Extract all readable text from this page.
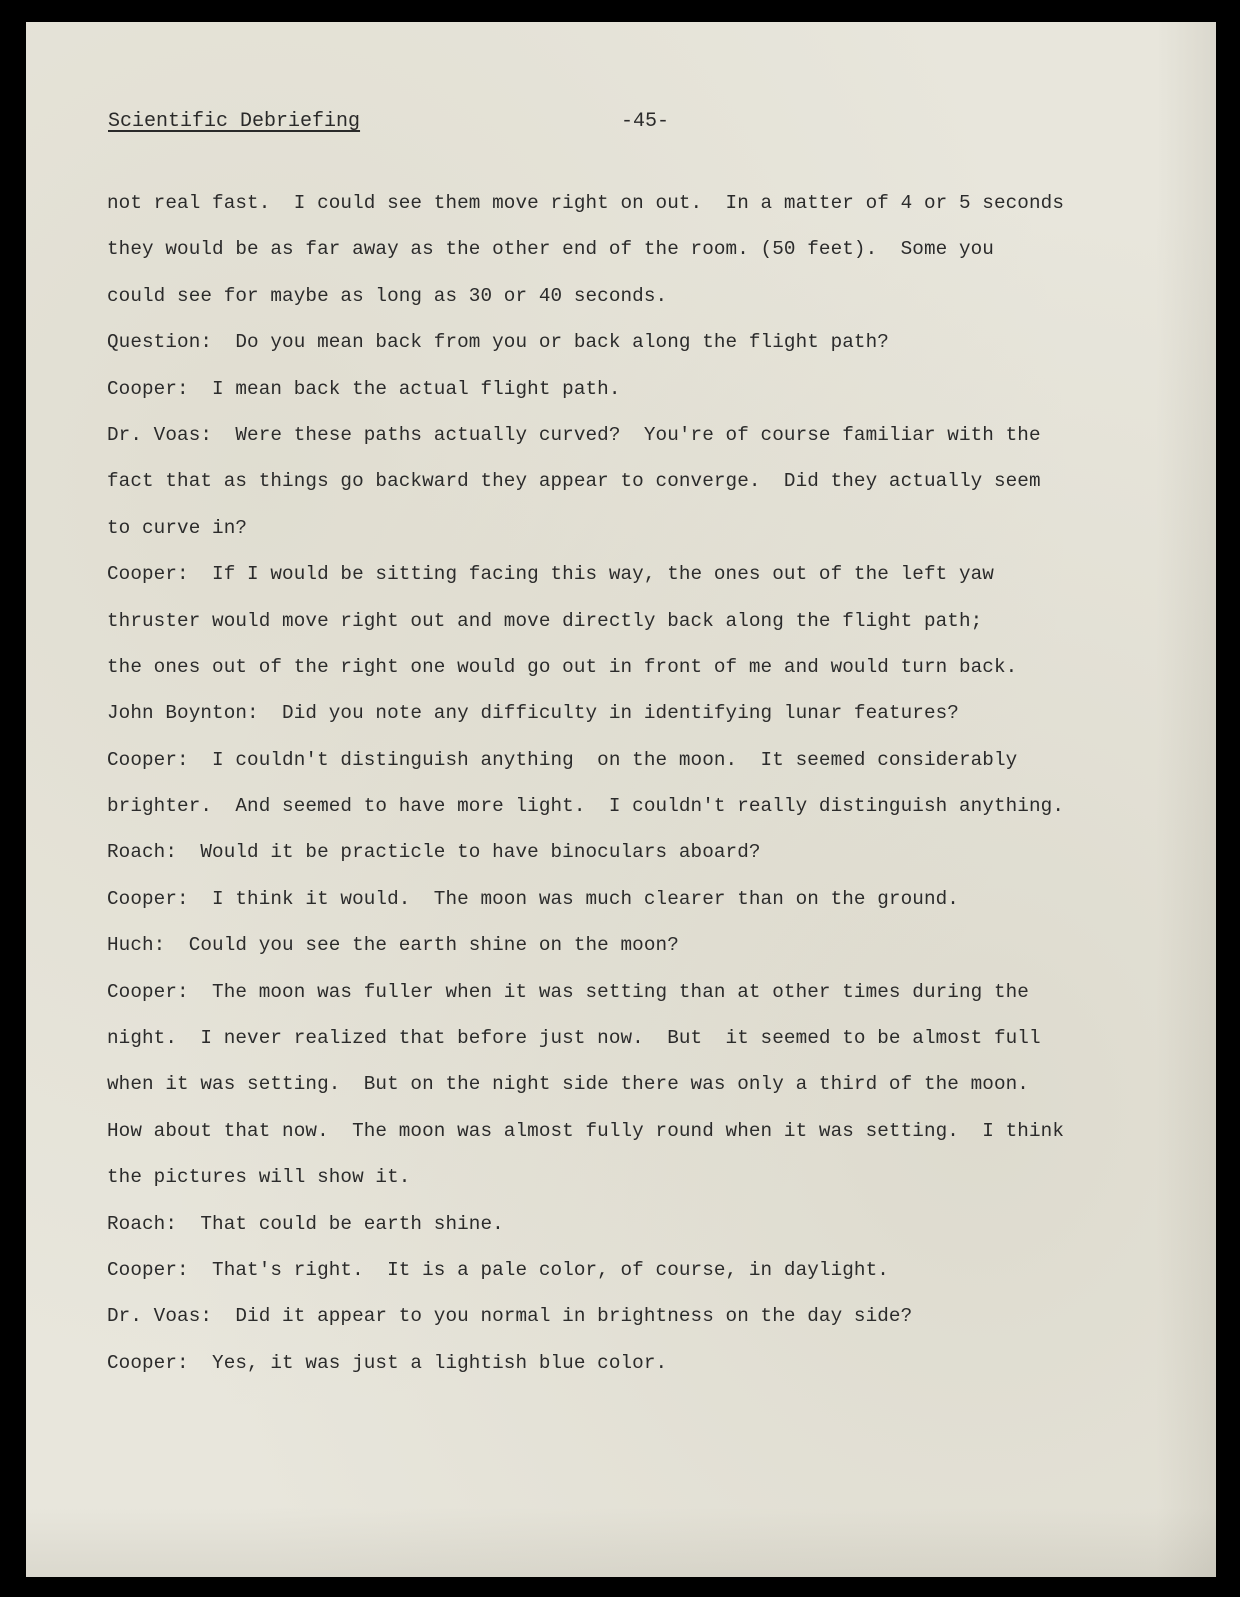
Scientific Debriefing	-45-
not real fast.  I could see them move right on out.  In a matter of 4 or 5 seconds
they would be as far away as the other end of the room. (50 feet).  Some you
could see for maybe as long as 30 or 40 seconds.
Question:  Do you mean back from you or back along the flight path?
Cooper:  I mean back the actual flight path.
Dr. Voas:  Were these paths actually curved?  You're of course familiar with the
fact that as things go backward they appear to converge.  Did they actually seem
to curve in?
Cooper:  If I would be sitting facing this way, the ones out of the left yaw
thruster would move right out and move directly back along the flight path;
the ones out of the right one would go out in front of me and would turn back.
John Boynton:  Did you note any difficulty in identifying lunar features?
Cooper:  I couldn't distinguish anything  on the moon.  It seemed considerably
brighter.  And seemed to have more light.  I couldn't really distinguish anything.
Roach:  Would it be practicle to have binoculars aboard?
Cooper:  I think it would.  The moon was much clearer than on the ground.
Huch:  Could you see the earth shine on the moon?
Cooper:  The moon was fuller when it was setting than at other times during the
night.  I never realized that before just now.  But  it seemed to be almost full
when it was setting.  But on the night side there was only a third of the moon.
How about that now.  The moon was almost fully round when it was setting.  I think
the pictures will show it.
Roach:  That could be earth shine.
Cooper:  That's right.  It is a pale color, of course, in daylight.
Dr. Voas:  Did it appear to you normal in brightness on the day side?
Cooper:  Yes, it was just a lightish blue color.
